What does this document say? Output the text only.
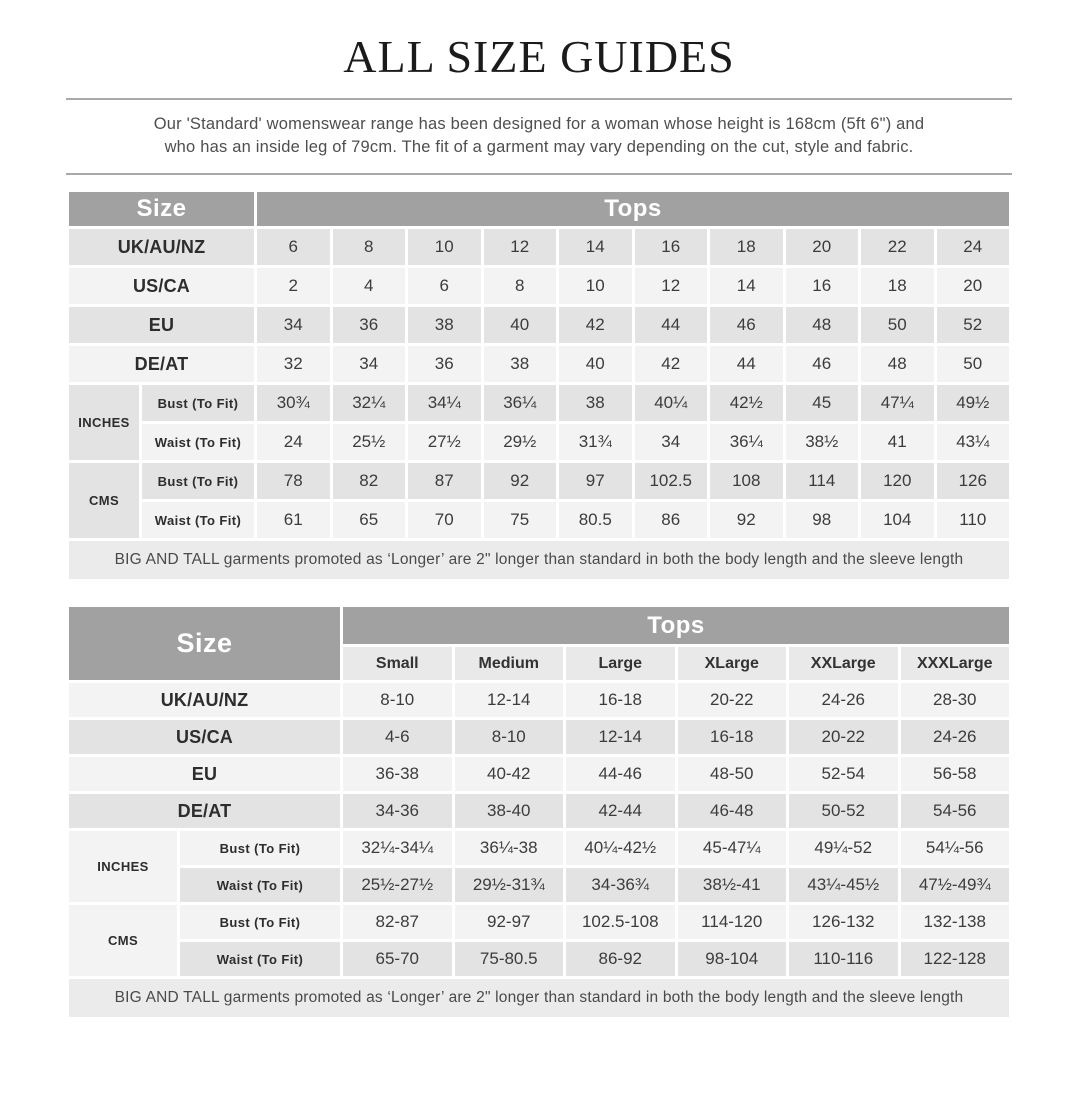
ALL SIZE GUIDES
Our 'Standard' womenswear range has been designed for a woman whose height is 168cm (5ft 6") and
who has an inside leg of 79cm. The fit of a garment may vary depending on the cut, style and fabric.
Size		Tops									
UK/AU/NZ		6	8	10	12	14	16	18	20	22	24
US/CA		2	4	6	8	10	12	14	16	18	20
EU		34	36	38	40	42	44	46	48	50	52
DE/AT		32	34	36	38	40	42	44	46	48	50
INCHES	Bust (To Fit)	30¾	32¼	34¼	36¼	38	40¼	42½	45	47¼	49½
	Waist (To Fit)	24	25½	27½	29½	31¾	34	36¼	38½	41	43¼
CMS	Bust (To Fit)	78	82	87	92	97	102.5	108	114	120	126
	Waist (To Fit)	61	65	70	75	80.5	86	92	98	104	110
BIG AND TALL garments promoted as ‘Longer’ are 2" longer than standard in both the body length and the sleeve length											
Size		Tops					
		Small	Medium	Large	XLarge	XXLarge	XXXLarge
UK/AU/NZ		8-10	12-14	16-18	20-22	24-26	28-30
US/CA		4-6	8-10	12-14	16-18	20-22	24-26
EU		36-38	40-42	44-46	48-50	52-54	56-58
DE/AT		34-36	38-40	42-44	46-48	50-52	54-56
INCHES	Bust (To Fit)	32¼-34¼	36¼-38	40¼-42½	45-47¼	49¼-52	54¼-56
	Waist (To Fit)	25½-27½	29½-31¾	34-36¾	38½-41	43¼-45½	47½-49¾
CMS	Bust (To Fit)	82-87	92-97	102.5-108	114-120	126-132	132-138
	Waist (To Fit)	65-70	75-80.5	86-92	98-104	110-116	122-128
BIG AND TALL garments promoted as ‘Longer’ are 2" longer than standard in both the body length and the sleeve length							
